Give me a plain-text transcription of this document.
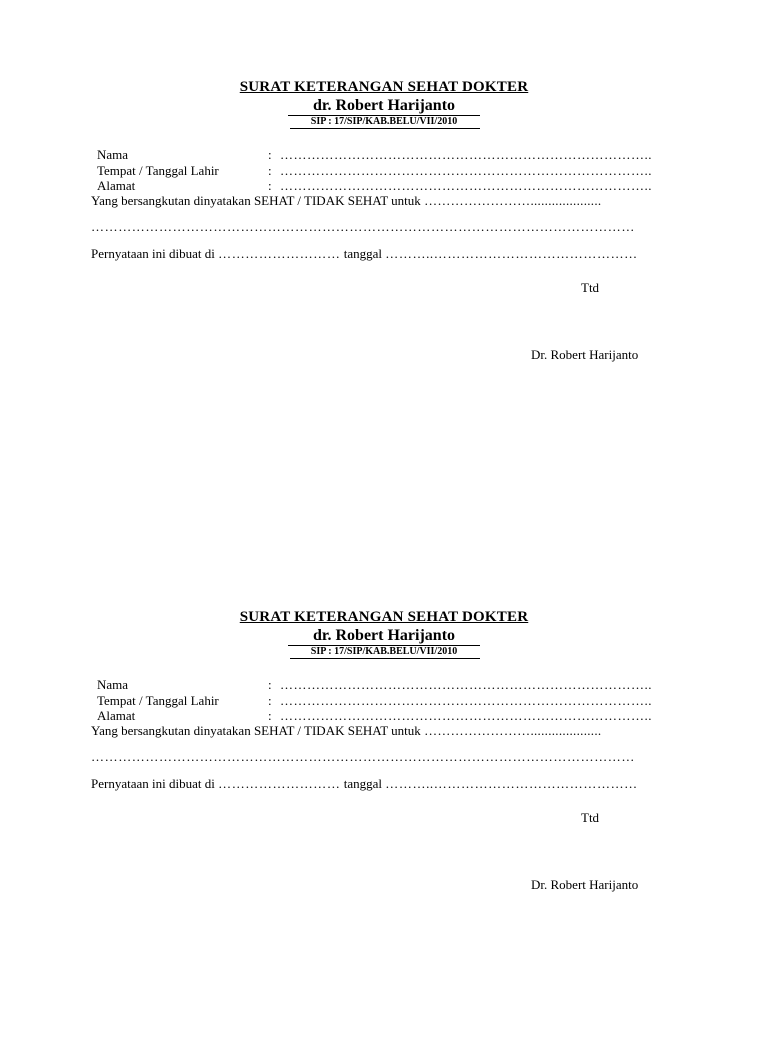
SURAT KETERANGAN SEHAT DOKTER
dr. Robert Harijanto
SIP : 17/SIP/KAB.BELU/VII/2010
Nama	: ………………………………………………………………………..
Tempat / Tanggal Lahir	: ………………………………………………………………………..
Alamat	: ………………………………………………………………………..
Yang bersangkutan dinyatakan SEHAT / TIDAK SEHAT untuk ……………………....................
…………………………………………………………………………………………………………
Pernyataan ini dibuat di ……………………… tanggal ………..………………………………………
Ttd
Dr. Robert Harijanto
SURAT KETERANGAN SEHAT DOKTER
dr. Robert Harijanto
SIP : 17/SIP/KAB.BELU/VII/2010
Nama	: ………………………………………………………………………..
Tempat / Tanggal Lahir	: ………………………………………………………………………..
Alamat	: ………………………………………………………………………..
Yang bersangkutan dinyatakan SEHAT / TIDAK SEHAT untuk ……………………....................
…………………………………………………………………………………………………………
Pernyataan ini dibuat di ……………………… tanggal ………..………………………………………
Ttd
Dr. Robert Harijanto
